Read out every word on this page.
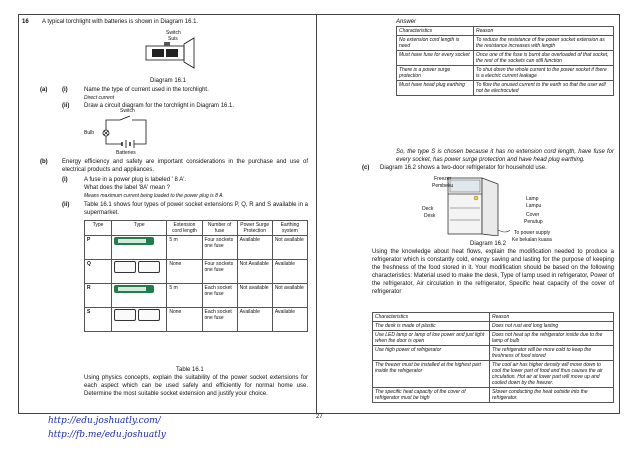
16 A typical torchlight with batteries is shown in Diagram 16.1.
Switch
Suis
Diagram 16.1
(a) (i)	Name the type of current used in the torchlight.
Direct current
(ii) Draw a circuit diagram for the torchlight in Diagram 16.1.
Switch
Bulb
Batteries
(b) Energy efficiency and safety are important considerations in the purchase and use of electrical products and appliances.
(i)	A fuse in a power plug is labeled ' 8 A'.
What does the label '8A' mean ?
Means maximum current being loaded to the power plug is 8 A.
(ii) Table 16.1 shows four types of power socket extensions P, Q, R and S available in a supermarket.
Type	Type	Extension cord length	Number of fuse	Power Surge Protection	Earthing system
P		5 m	Four sockets one fuse	Available	Not available
Q		None	Four sockets one fuse	Not Available	Available
R		5 m	Each socket one fuse	Not available	Not available
S		None	Each socket one fuse	Available	Available
Table 16.1
Using physics concepts, explain the suitability of the power socket extensions for each aspect which can be used safely and efficiently for normal home use. Determine the most suitable socket extension and justify your choice.
http://edu.joshuatly.com/
http://fb.me/edu.joshuatly
27
Answer
Characteristics	Reason
No extension cord length is need	To reduce the resistance of the power socket extension as the resistance increases with length
Must have fuse for every socket	Once one of the fuse is burnt due overloaded of that socket, the rest of the sockets can still function
There is a power surge protection	To shut down the whole current to the power socket if there is a electric current leakage
Must have head plug earthing	To flow the unused current to the earth so that the user will not be electrocuted
So, the type S is chosen because it has no extension cord length, have fuse for every socket, has power surge protection and have head plug earthing.
(c) Diagram 16.2 shows a two-door refrigerator for household use.
Freezer
Pembeku
Lamp
Lampu
Deck
Desk	Cover
Penutup
To power supply
Ke bekalan kuasa
Diagram 16.2
Using the knowledge about heat flows, explain the modification needed to produce a refrigerator which is constantly cold, energy saving and lasting for the purpose of keeping the freshness of the food stored in it. Your modification should be based on the following characteristics: Material used to make the desk, Type of lamp used in refrigerator, Power of the refrigerator, Air circulation in the refrigerator, Specific heat capacity of the cover of refrigerator
Characteristics	Reason
The desk is made of plastic	Does not rust and long lasting
Use LED lamp or lamp of low power and just light when the door is open	Does not heat up the refrigerator inside due to the lamp of bulb
Use high power of refrigerator	The refrigerator will be more cold to keep the freshness of food stored
The freezer must be installed at the highest part inside the refrigerator	The cool air has higher density will move down to cool the lower part of food and thus causes the air circulation. Hot air at lower part will move up and cooled down by the freezer.
The specific heat capacity of the cover of refrigerator must be high	Slower conducting the heat outside into the refrigerator.
